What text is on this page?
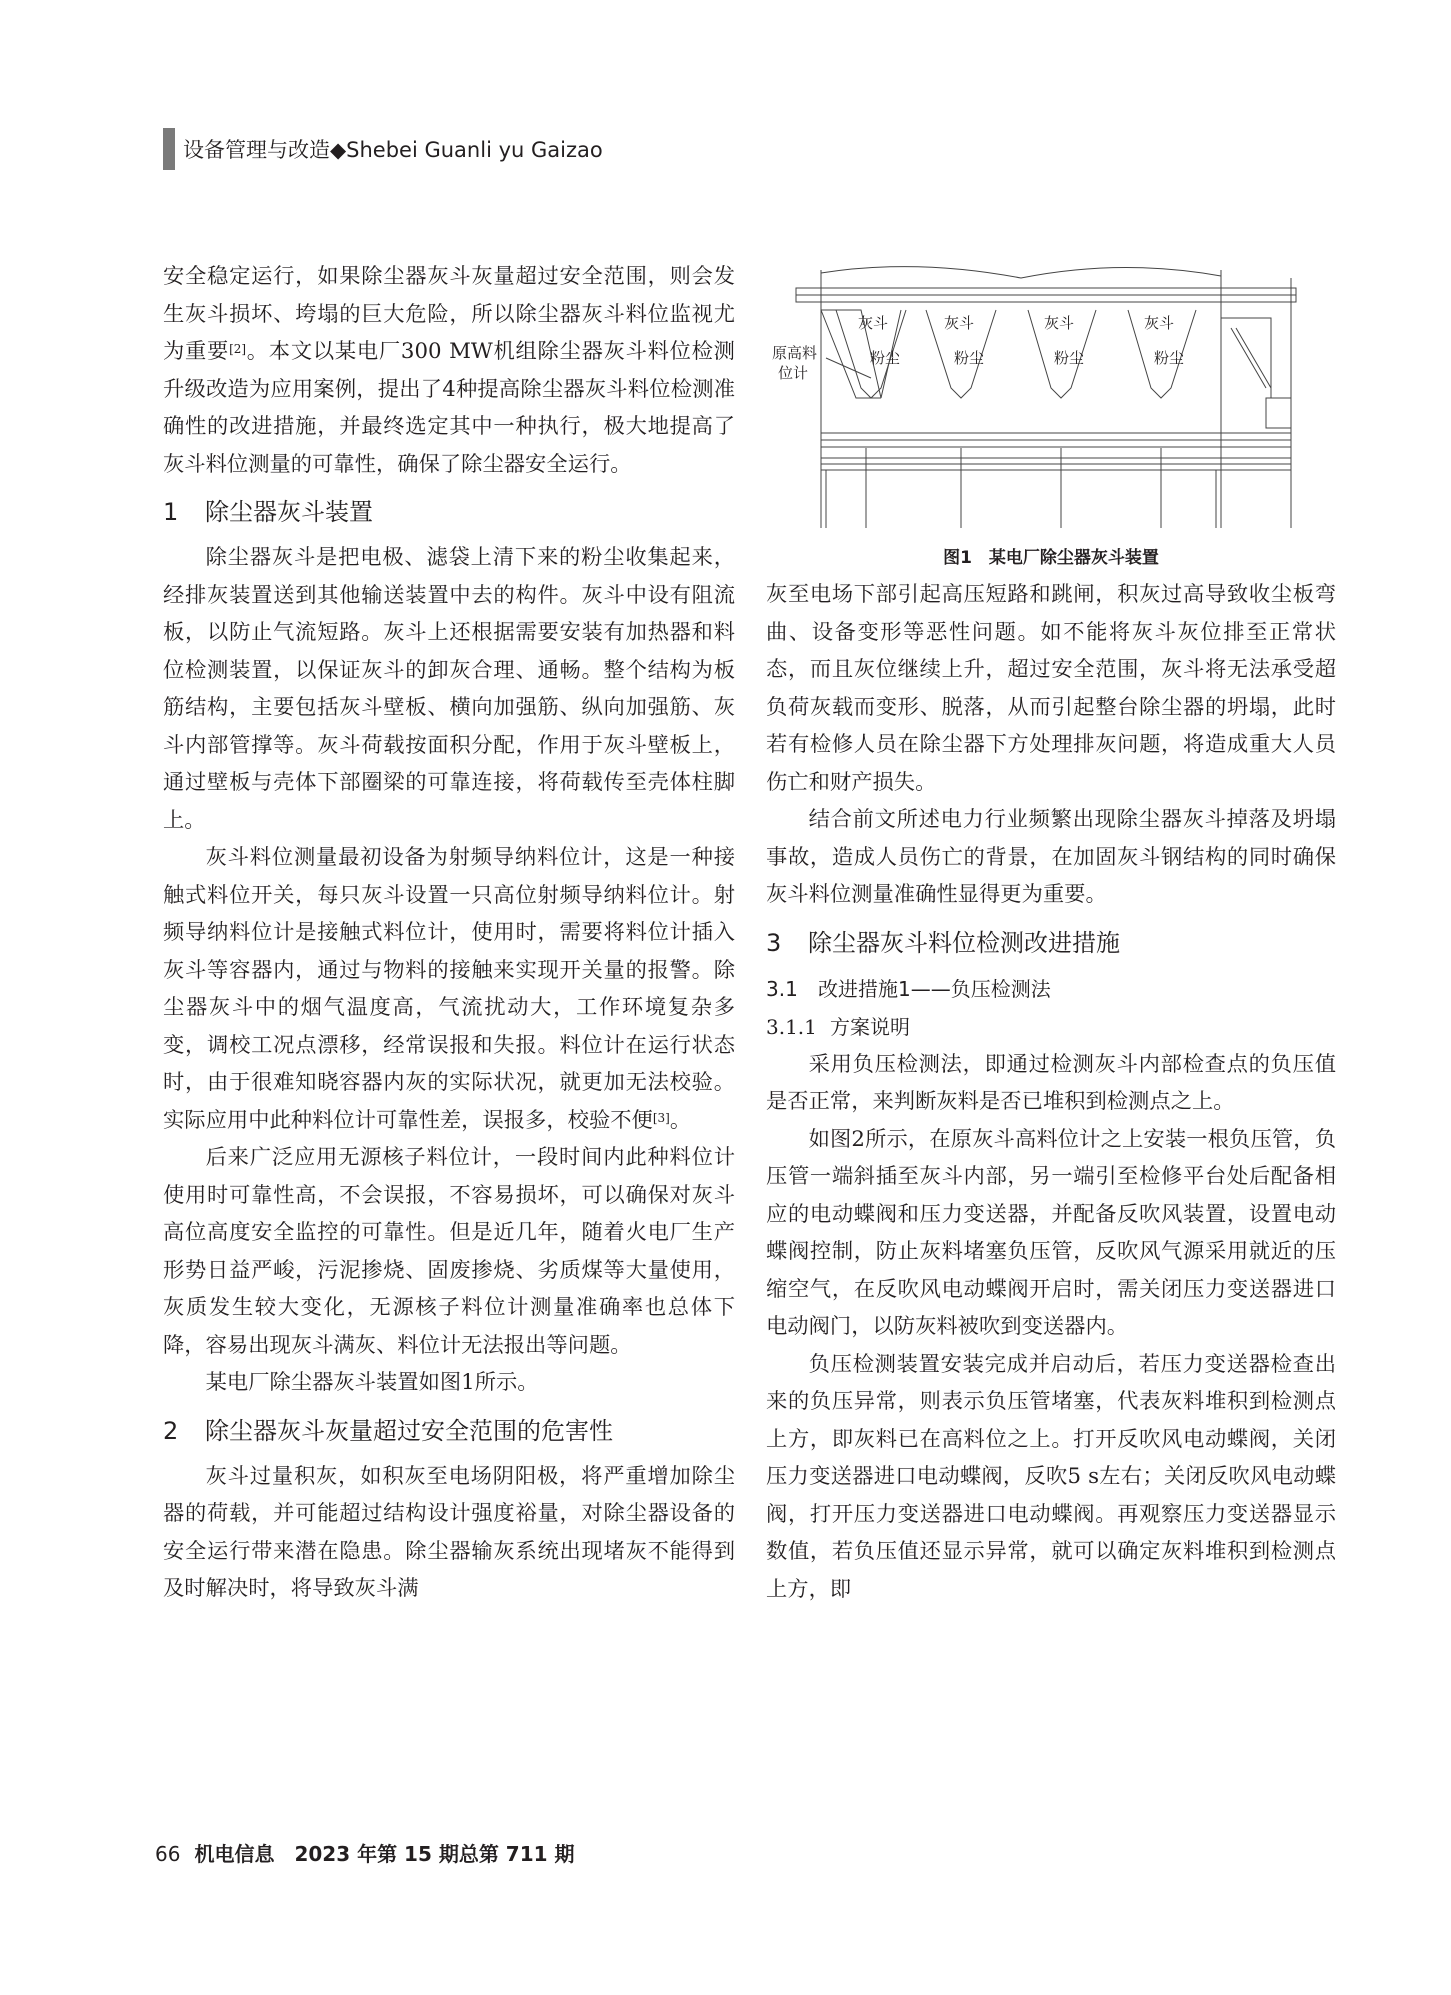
设备管理与改造◆Shebei Guanli yu Gaizao

安全稳定运行，如果除尘器灰斗灰量超过安全范围，则会发生灰斗损坏、垮塌的巨大危险，所以除尘器灰斗料位监视尤为重要[2]。本文以某电厂300 MW机组除尘器灰斗料位检测升级改造为应用案例，提出了4种提高除尘器灰斗料位检测准确性的改进措施，并最终选定其中一种执行，极大地提高了灰斗料位测量的可靠性，确保了除尘器安全运行。

1 除尘器灰斗装置

除尘器灰斗是把电极、滤袋上清下来的粉尘收集起来，经排灰装置送到其他输送装置中去的构件。灰斗中设有阻流板，以防止气流短路。灰斗上还根据需要安装有加热器和料位检测装置，以保证灰斗的卸灰合理、通畅。整个结构为板筋结构，主要包括灰斗壁板、横向加强筋、纵向加强筋、灰斗内部管撑等。灰斗荷载按面积分配，作用于灰斗壁板上，通过壁板与壳体下部圈梁的可靠连接，将荷载传至壳体柱脚上。

灰斗料位测量最初设备为射频导纳料位计，这是一种接触式料位开关，每只灰斗设置一只高位射频导纳料位计。射频导纳料位计是接触式料位计，使用时，需要将料位计插入灰斗等容器内，通过与物料的接触来实现开关量的报警。除尘器灰斗中的烟气温度高，气流扰动大，工作环境复杂多变，调校工况点漂移，经常误报和失报。料位计在运行状态时，由于很难知晓容器内灰的实际状况，就更加无法校验。实际应用中此种料位计可靠性差，误报多，校验不便[3]。

后来广泛应用无源核子料位计，一段时间内此种料位计使用时可靠性高，不会误报，不容易损坏，可以确保对灰斗高位高度安全监控的可靠性。但是近几年，随着火电厂生产形势日益严峻，污泥掺烧、固废掺烧、劣质煤等大量使用，灰质发生较大变化，无源核子料位计测量准确率也总体下降，容易出现灰斗满灰、料位计无法报出等问题。

某电厂除尘器灰斗装置如图1所示。

2 除尘器灰斗灰量超过安全范围的危害性

灰斗过量积灰，如积灰至电场阴阳极，将严重增加除尘器的荷载，并可能超过结构设计强度裕量，对除尘器设备的安全运行带来潜在隐患。除尘器输灰系统出现堵灰不能得到及时解决时，将导致灰斗满

灰斗	灰斗	灰斗	灰斗
粉尘	粉尘	粉尘	粉尘
原高料
位计
图1　某电厂除尘器灰斗装置

灰至电场下部引起高压短路和跳闸，积灰过高导致收尘板弯曲、设备变形等恶性问题。如不能将灰斗灰位排至正常状态，而且灰位继续上升，超过安全范围，灰斗将无法承受超负荷灰载而变形、脱落，从而引起整台除尘器的坍塌，此时若有检修人员在除尘器下方处理排灰问题，将造成重大人员伤亡和财产损失。

结合前文所述电力行业频繁出现除尘器灰斗掉落及坍塌事故，造成人员伤亡的背景，在加固灰斗钢结构的同时确保灰斗料位测量准确性显得更为重要。

3 除尘器灰斗料位检测改进措施
3.1 改进措施1——负压检测法
3.1.1 方案说明

采用负压检测法，即通过检测灰斗内部检查点的负压值是否正常，来判断灰料是否已堆积到检测点之上。

如图2所示，在原灰斗高料位计之上安装一根负压管，负压管一端斜插至灰斗内部，另一端引至检修平台处后配备相应的电动蝶阀和压力变送器，并配备反吹风装置，设置电动蝶阀控制，防止灰料堵塞负压管，反吹风气源采用就近的压缩空气，在反吹风电动蝶阀开启时，需关闭压力变送器进口电动阀门，以防灰料被吹到变送器内。

负压检测装置安装完成并启动后，若压力变送器检查出来的负压异常，则表示负压管堵塞，代表灰料堆积到检测点上方，即灰料已在高料位之上。打开反吹风电动蝶阀，关闭压力变送器进口电动蝶阀，反吹5 s左右；关闭反吹风电动蝶阀，打开压力变送器进口电动蝶阀。再观察压力变送器显示数值，若负压值还显示异常，就可以确定灰料堆积到检测点上方，即

66 机电信息　2023 年第 15 期总第 711 期
